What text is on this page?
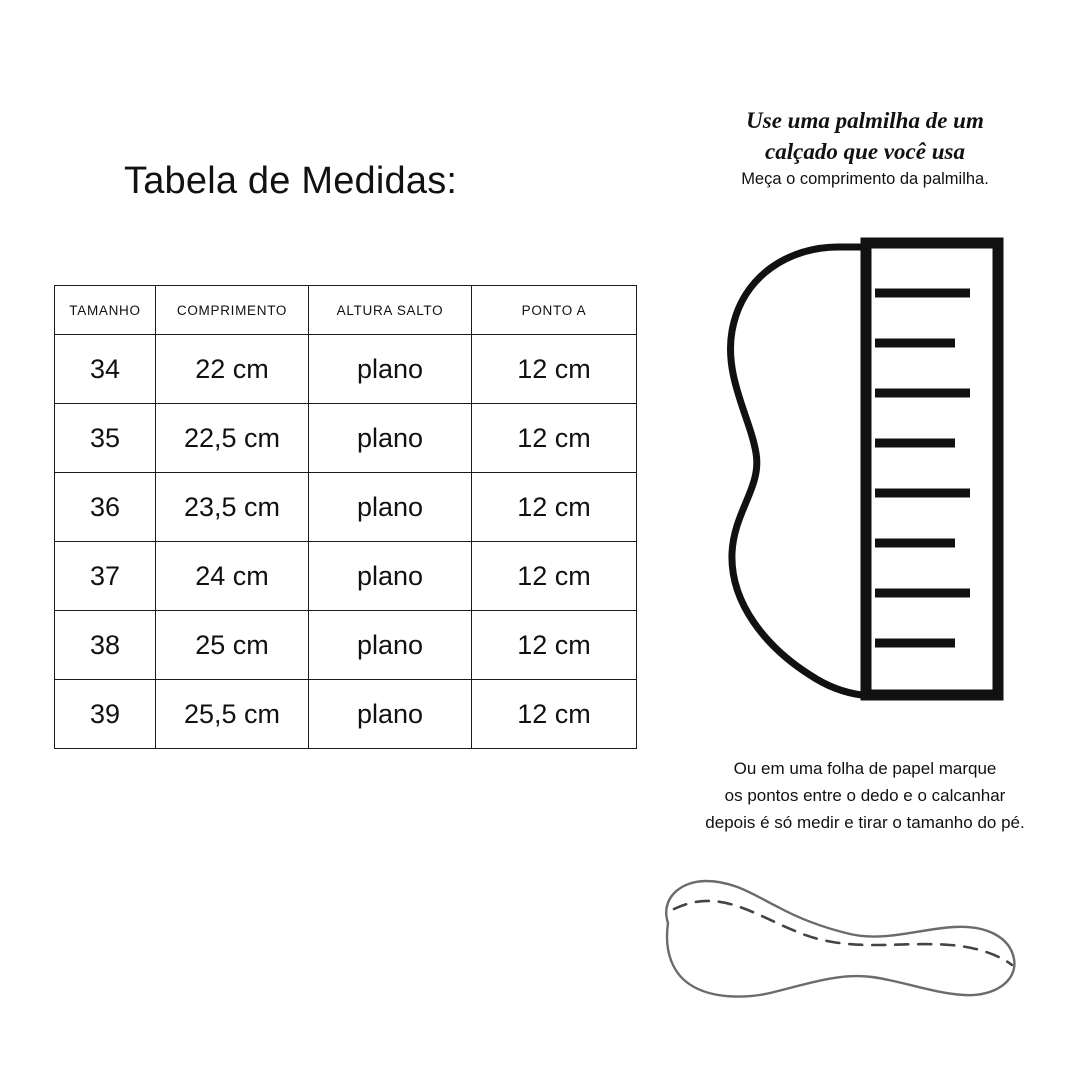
Tabela de Medidas:
TAMANHO	COMPRIMENTO	ALTURA SALTO	PONTO A
34	22 cm	plano	12 cm
35	22,5 cm	plano	12 cm
36	23,5 cm	plano	12 cm
37	24 cm	plano	12 cm
38	25 cm	plano	12 cm
39	25,5 cm	plano	12 cm
Use uma palmilha de um
calçado que você usa
Meça o comprimento da palmilha.
Ou em uma folha de papel marque
os pontos entre o dedo e o calcanhar
depois é só medir e tirar o tamanho do pé.
